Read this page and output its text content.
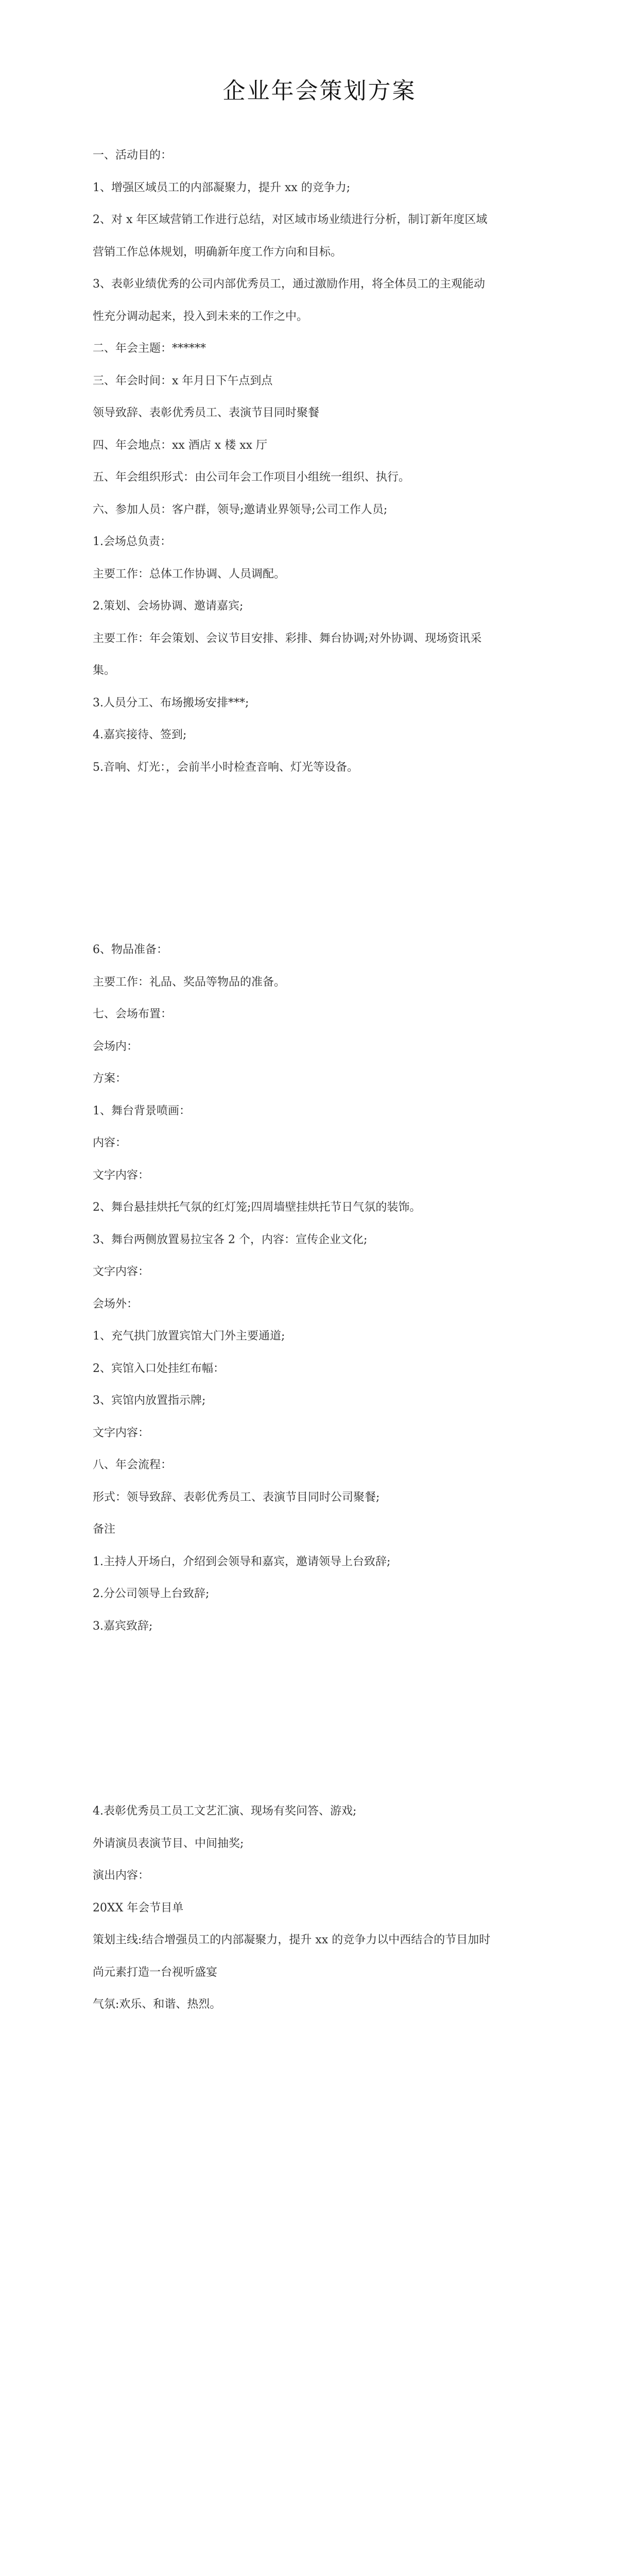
企业年会策划方案
一、活动目的：
1、增强区域员工的内部凝聚力，提升 xx 的竞争力;
2、对 x 年区域营销工作进行总结，对区域市场业绩进行分析，制订新年度区域
营销工作总体规划，明确新年度工作方向和目标。
3、表彰业绩优秀的公司内部优秀员工，通过激励作用，将全体员工的主观能动
性充分调动起来，投入到未来的工作之中。
二、年会主题：******
三、年会时间：x 年月日下午点到点
领导致辞、表彰优秀员工、表演节目同时聚餐
四、年会地点：xx 酒店 x 楼 xx 厅
五、年会组织形式：由公司年会工作项目小组统一组织、执行。
六、参加人员：客户群，领导;邀请业界领导;公司工作人员;
1.会场总负责：
主要工作：总体工作协调、人员调配。
2.策划、会场协调、邀请嘉宾;
主要工作：年会策划、会议节目安排、彩排、舞台协调;对外协调、现场资讯采
集。
3.人员分工、布场搬场安排***;
4.嘉宾接待、签到;
5.音响、灯光：，会前半小时检查音响、灯光等设备。
6、物品准备：
主要工作：礼品、奖品等物品的准备。
七、会场布置：
会场内：
方案：
1、舞台背景喷画：
内容：
文字内容：
2、舞台悬挂烘托气氛的红灯笼;四周墙壁挂烘托节日气氛的装饰。
3、舞台两侧放置易拉宝各 2 个，内容：宣传企业文化;
文字内容：
会场外：
1、充气拱门放置宾馆大门外主要通道;
2、宾馆入口处挂红布幅：
3、宾馆内放置指示牌;
文字内容：
八、年会流程：
形式：领导致辞、表彰优秀员工、表演节目同时公司聚餐;
备注
1.主持人开场白，介绍到会领导和嘉宾，邀请领导上台致辞;
2.分公司领导上台致辞;
3.嘉宾致辞;
4.表彰优秀员工员工文艺汇演、现场有奖问答、游戏;
外请演员表演节目、中间抽奖;
演出内容：
20XX 年会节目单
策划主线:结合增强员工的内部凝聚力，提升 xx 的竞争力以中西结合的节目加时
尚元素打造一台视听盛宴
气氛:欢乐、和谐、热烈。
